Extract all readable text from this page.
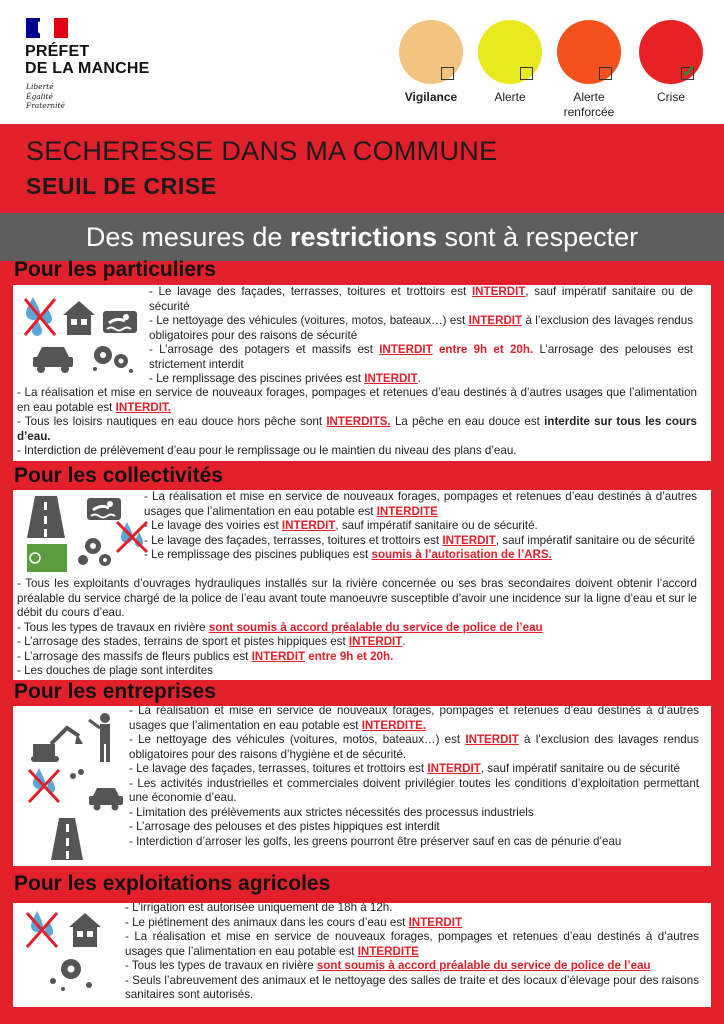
PRÉFET
DE LA MANCHE
Liberté
Égalité
Fraternité
Vigilance	Alerte	Alerte renforcée
✓
Crise
SECHERESSE DANS MA COMMUNE
SEUIL DE CRISE
Des mesures de restrictions sont à respecter
Pour les particuliers
- Le lavage des façades, terrasses, toitures et trottoirs est INTERDIT, sauf impératif sanitaire ou de sécurité
- Le nettoyage des véhicules (voitures, motos, bateaux…) est INTERDIT à l’exclusion des lavages rendus obligatoires pour des raisons de sécurité
- L’arrosage des potagers et massifs est INTERDIT entre 9h et 20h. L’arrosage des pelouses est strictement interdit
- Le remplissage des piscines privées est INTERDIT.
- La réalisation et mise en service de nouveaux forages, pompages et retenues d’eau destinés à d’autres usages que l’alimentation en eau potable est INTERDIT.
- Tous les loisirs nautiques en eau douce hors pêche sont INTERDITS. La pêche en eau douce est interdite sur tous les cours d’eau.
- Interdiction de prélèvement d’eau pour le remplissage ou le maintien du niveau des plans d’eau.
Pour les collectivités
- La réalisation et mise en service de nouveaux forages, pompages et retenues d’eau destinés à d’autres usages que l’alimentation en eau potable est INTERDITE
- Le lavage des voiries est INTERDIT, sauf impératif sanitaire ou de sécurité.
- Le lavage des façades, terrasses, toitures et trottoirs est INTERDIT, sauf impératif sanitaire ou de sécurité
- Le remplissage des piscines publiques est soumis à l’autorisation de l’ARS.
- Tous les exploitants d’ouvrages hydrauliques installés sur la rivière concernée ou ses bras secondaires doivent obtenir l’accord préalable du service chargé de la police de l’eau avant toute manoeuvre susceptible d’avoir une incidence sur la ligne d’eau et sur le débit du cours d’eau.
- Tous les types de travaux en rivière sont soumis à accord préalable du service de police de l’eau
- L’arrosage des stades, terrains de sport et pistes hippiques est INTERDIT.
- L’arrosage des massifs de fleurs publics est INTERDIT entre 9h et 20h.
- Les douches de plage sont interdites
Pour les entreprises
- La réalisation et mise en service de nouveaux forages, pompages et retenues d’eau destinés à d’autres usages que l’alimentation en eau potable est INTERDITE.
- Le nettoyage des véhicules (voitures, motos, bateaux…) est INTERDIT à l’exclusion des lavages rendus obligatoires pour des raisons d’hygiène et de sécurité.
- Le lavage des façades, terrasses, toitures et trottoirs est INTERDIT, sauf impératif sanitaire ou de sécurité
- Les activités industrielles et commerciales doivent privilégier toutes les conditions d’exploitation permettant une économie d’eau.
- Limitation des prélèvements aux strictes nécessités des processus industriels
- L’arrosage des pelouses et des pistes hippiques est interdit
- Interdiction d’arroser les golfs, les greens pourront être préserver sauf en cas de pénurie d’eau
Pour les exploitations agricoles
- L’irrigation est autorisée uniquement de 18h à 12h.
- Le piétinement des animaux dans les cours d’eau est INTERDIT
- La réalisation et mise en service de nouveaux forages, pompages et retenues d’eau destinés à d’autres usages que l’alimentation en eau potable est INTERDITE
- Tous les types de travaux en rivière sont soumis à accord préalable du service de police de l’eau
- Seuls l’abreuvement des animaux et le nettoyage des salles de traite et des locaux d’élevage pour des raisons sanitaires sont autorisés.
